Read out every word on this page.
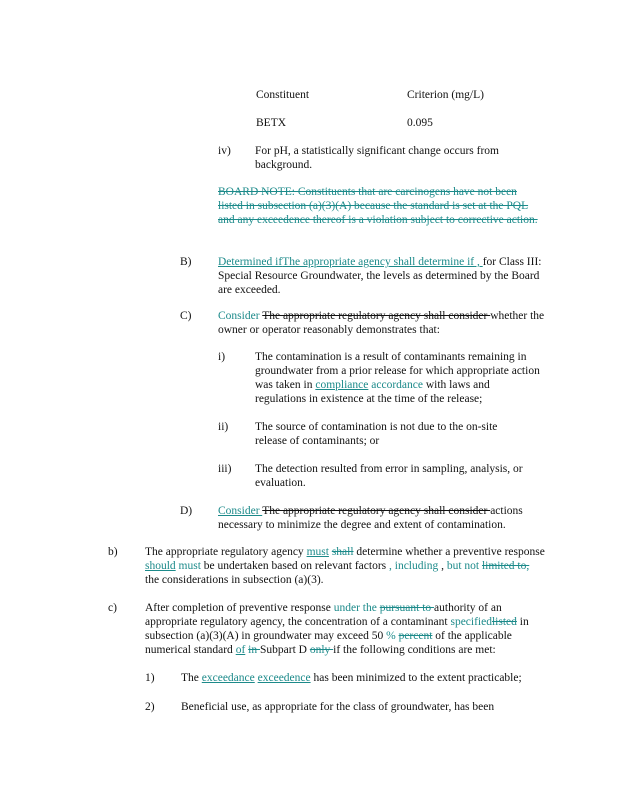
Constituent	Criterion (mg/L)
BETX	0.095
iv) For pH, a statistically significant change occurs from background.
BOARD NOTE: Constituents that are carcinogens have not been listed in subsection (a)(3)(A) because the standard is set at the PQL and any exceedence thereof is a violation subject to corrective action.
B) Determined ifThe appropriate agency shall determine if , for Class III: Special Resource Groundwater, the levels as determined by the Board are exceeded.
C) Consider The appropriate regulatory agency shall consider whether the owner or operator reasonably demonstrates that:
i)	The contamination is a result of contaminants remaining in groundwater from a prior release for which appropriate action was taken in compliance accordance with laws and regulations in existence at the time of the release;
ii) The source of contamination is not due to the on-site release of contaminants; or
iii) The detection resulted from error in sampling, analysis, or evaluation.
D) Consider The appropriate regulatory agency shall consider actions necessary to minimize the degree and extent of contamination.
b) The appropriate regulatory agency must shall determine whether a preventive response should must be undertaken based on relevant factors , including , but not limited to, the considerations in subsection (a)(3).
c) After completion of preventive response under the pursuant to authority of an appropriate regulatory agency, the concentration of a contaminant specifiedlisted in subsection (a)(3)(A) in groundwater may exceed 50 % percent of the applicable numerical standard of in Subpart D only if the following conditions are met:
1) The exceedance exceedence has been minimized to the extent practicable;
2) Beneficial use, as appropriate for the class of groundwater, has been
